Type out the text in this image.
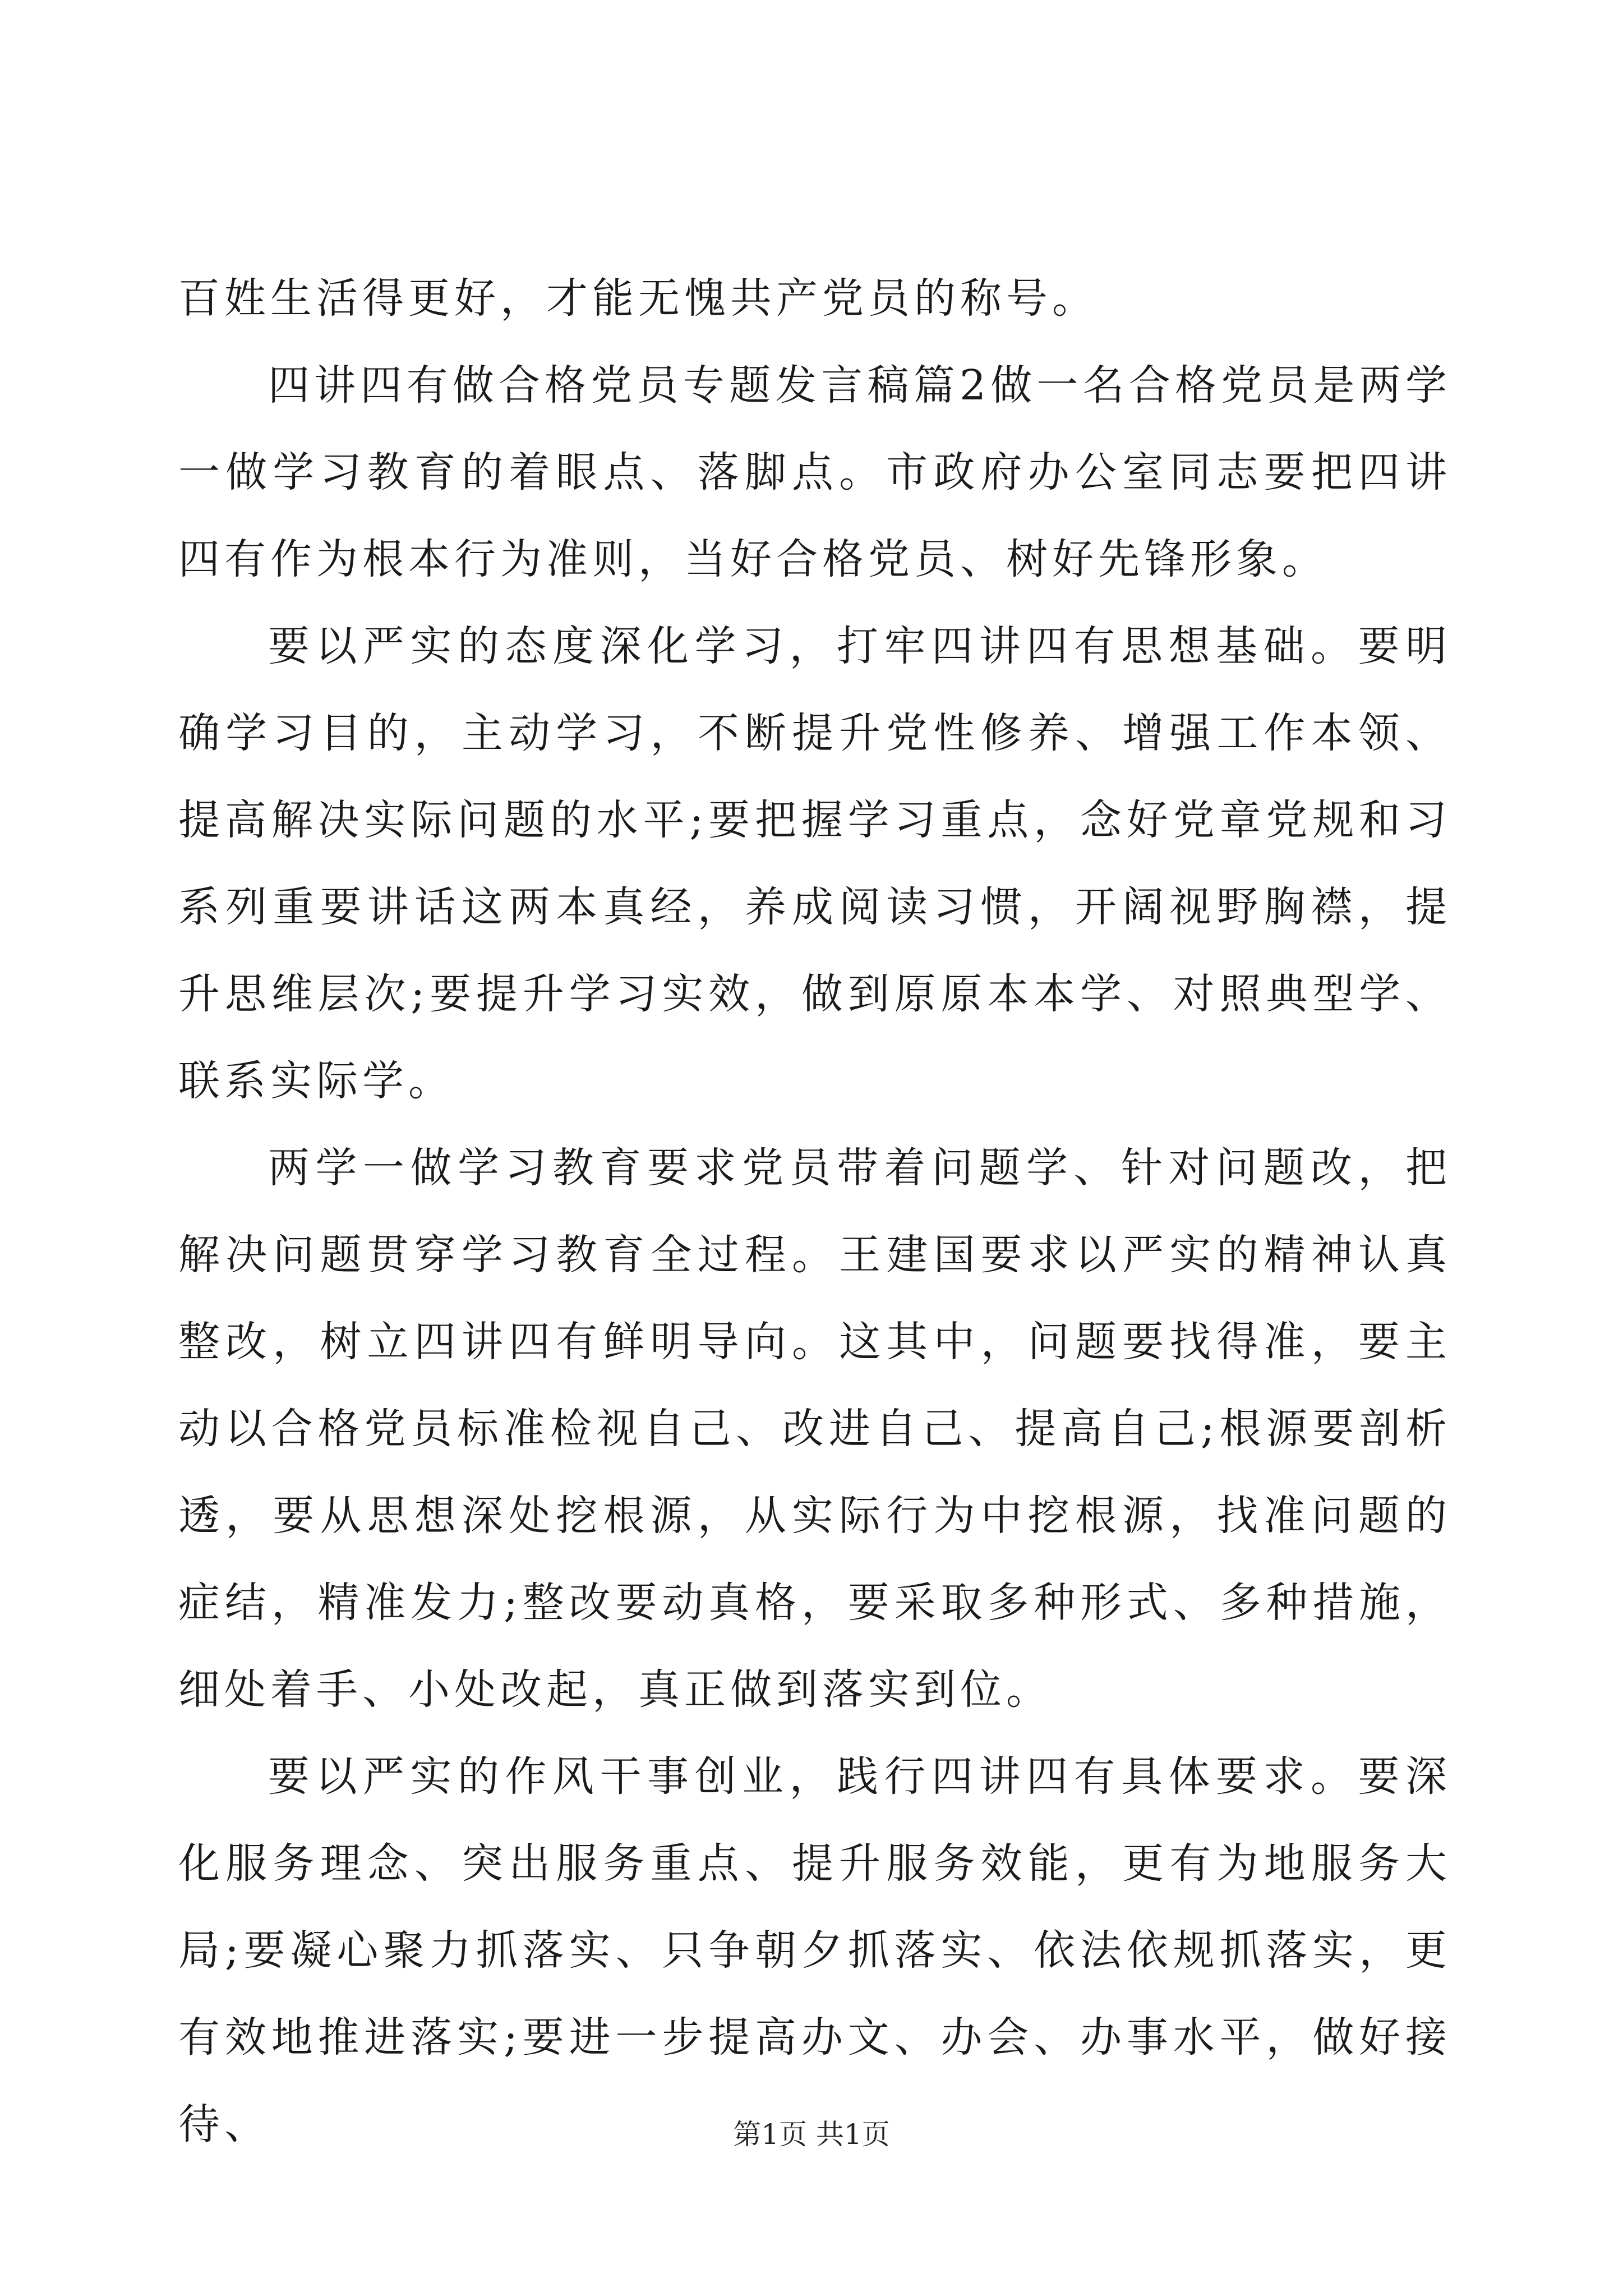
百姓生活得更好，才能无愧共产党员的称号。

四讲四有做合格党员专题发言稿篇2做一名合格党员是两学一做学习教育的着眼点、落脚点。市政府办公室同志要把四讲四有作为根本行为准则，当好合格党员、树好先锋形象。

要以严实的态度深化学习，打牢四讲四有思想基础。要明确学习目的，主动学习，不断提升党性修养、增强工作本领、提高解决实际问题的水平;要把握学习重点，念好党章党规和习系列重要讲话这两本真经，养成阅读习惯，开阔视野胸襟，提升思维层次;要提升学习实效，做到原原本本学、对照典型学、联系实际学。

两学一做学习教育要求党员带着问题学、针对问题改，把解决问题贯穿学习教育全过程。王建国要求以严实的精神认真整改，树立四讲四有鲜明导向。这其中，问题要找得准，要主动以合格党员标准检视自己、改进自己、提高自己;根源要剖析透，要从思想深处挖根源，从实际行为中挖根源，找准问题的症结，精准发力;整改要动真格，要采取多种形式、多种措施，细处着手、小处改起，真正做到落实到位。

要以严实的作风干事创业，践行四讲四有具体要求。要深化服务理念、突出服务重点、提升服务效能，更有为地服务大局;要凝心聚力抓落实、只争朝夕抓落实、依法依规抓落实，更有效地推进落实;要进一步提高办文、办会、办事水平，做好接待、	第1页 共1页
